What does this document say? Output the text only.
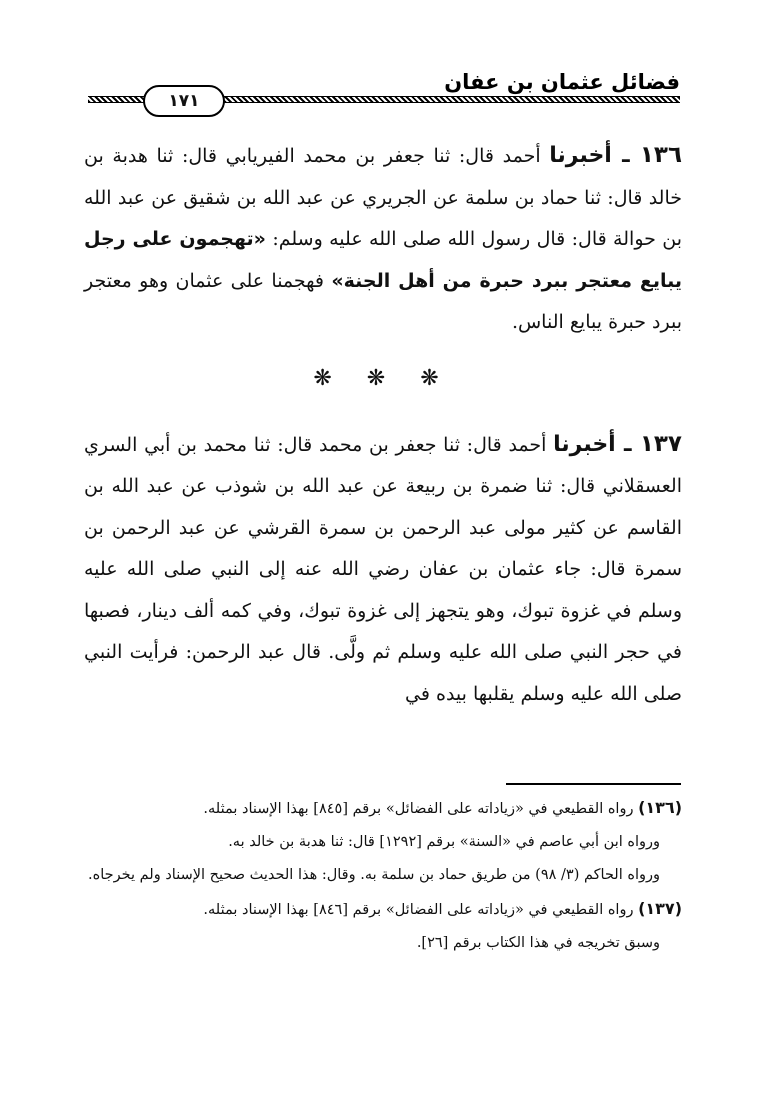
فضائل عثمان بن عفان
١٧١

١٣٦ ـ أخبرنا أحمد قال: ثنا جعفر بن محمد الفيريابي قال: ثنا هدبة بن خالد قال: ثنا حماد بن سلمة عن الجريري عن عبد الله بن شقيق عن عبد الله بن حوالة قال: قال رسول الله صلى الله عليه وسلم: «تهجمون على رجل يبايع معتجر ببرد حبرة من أهل الجنة» فهجمنا على عثمان وهو معتجر ببرد حبرة يبايع الناس.

❋ ❋ ❋

١٣٧ ـ أخبرنا أحمد قال: ثنا جعفر بن محمد قال: ثنا محمد بن أبي السري العسقلاني قال: ثنا ضمرة بن ربيعة عن عبد الله بن شوذب عن عبد الله بن القاسم عن كثير مولى عبد الرحمن بن سمرة القرشي عن عبد الرحمن بن سمرة قال: جاء عثمان بن عفان رضي الله عنه إلى النبي صلى الله عليه وسلم في غزوة تبوك، وهو يتجهز إلى غزوة تبوك، وفي كمه ألف دينار، فصبها في حجر النبي صلى الله عليه وسلم ثم ولَّى. قال عبد الرحمن: فرأيت النبي صلى الله عليه وسلم يقلبها بيده في

(١٣٦) رواه القطيعي في «زياداته على الفضائل» برقم [٨٤٥] بهذا الإسناد بمثله.

ورواه ابن أبي عاصم في «السنة» برقم [١٢٩٢] قال: ثنا هدبة بن خالد به.

ورواه الحاكم (٣/ ٩٨) من طريق حماد بن سلمة به. وقال: هذا الحديث صحيح الإسناد ولم يخرجاه.

(١٣٧) رواه القطيعي في «زياداته على الفضائل» برقم [٨٤٦] بهذا الإسناد بمثله.

وسبق تخريجه في هذا الكتاب برقم [٢٦].
